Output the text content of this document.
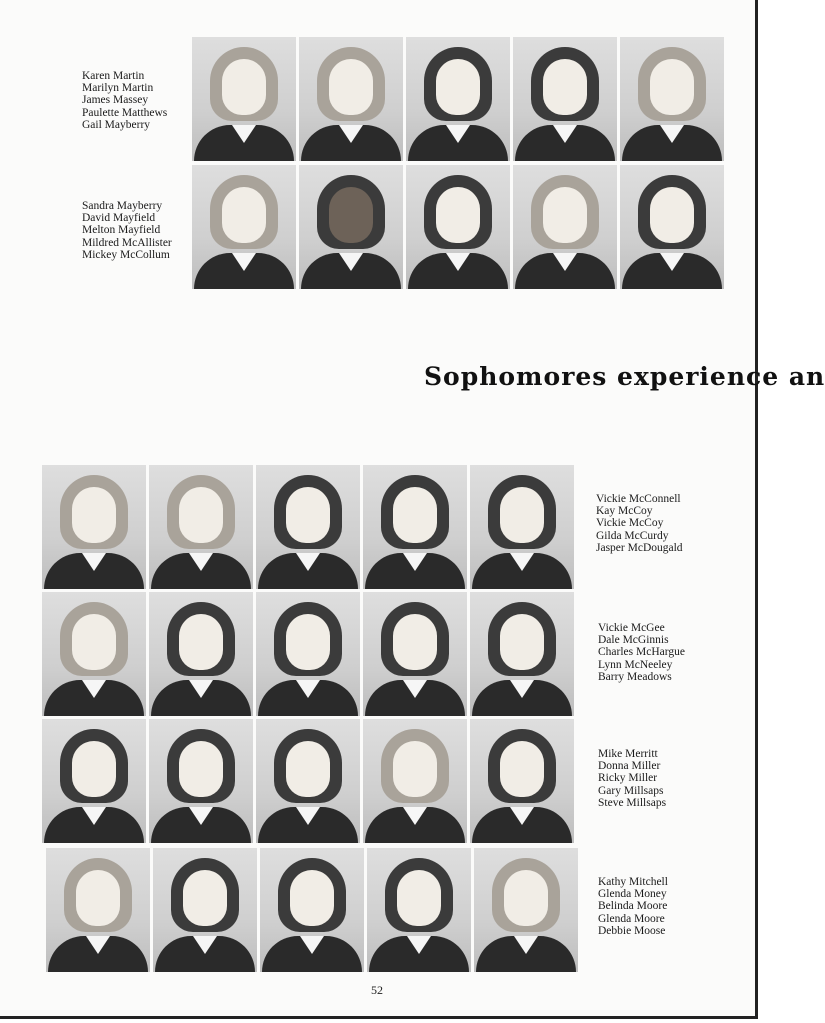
Karen Martin
Marilyn Martin
James Massey
Paulette Matthews
Gail Mayberry
Sandra Mayberry
David Mayfield
Melton Mayfield
Mildred McAllister
Mickey McCollum
Sophomores experience an
Vickie McConnell
Kay McCoy
Vickie McCoy
Gilda McCurdy
Jasper McDougald
Vickie McGee
Dale McGinnis
Charles McHargue
Lynn McNeeley
Barry Meadows
Mike Merritt
Donna Miller
Ricky Miller
Gary Millsaps
Steve Millsaps
Kathy Mitchell
Glenda Money
Belinda Moore
Glenda Moore
Debbie Moose
52
